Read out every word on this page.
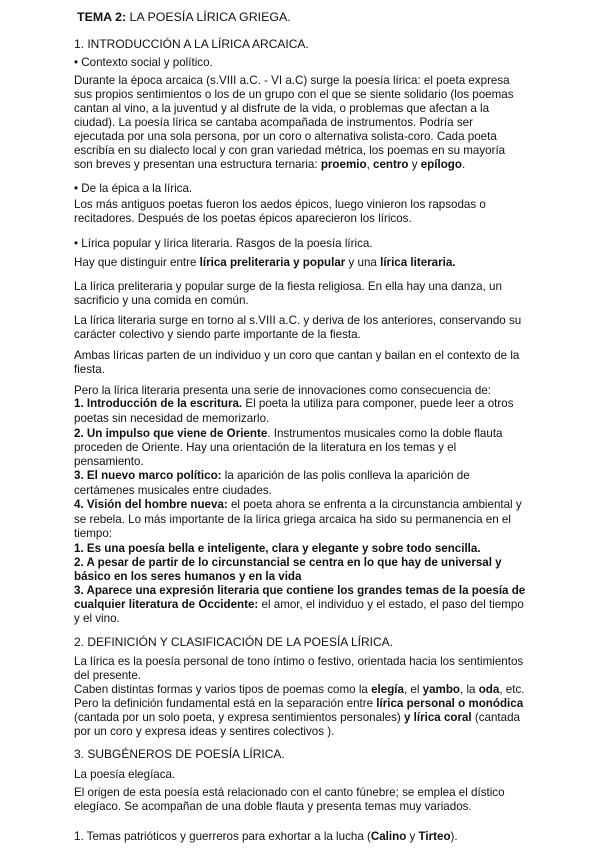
TEMA 2: LA POESÍA LÍRICA GRIEGA.
1. INTRODUCCIÓN A LA LÍRICA ARCAICA.
• Contexto social y político.
Durante la época arcaica (s.VIII a.C. - VI a.C) surge la poesía lírica: el poeta expresa
sus propios sentimientos o los de un grupo con el que se siente solidario (los poemas
cantan al vino, a la juventud y al disfrute de la vida, o problemas que afectan a la
ciudad). La poesía lírica se cantaba acompañada de instrumentos. Podría ser
ejecutada por una sola persona, por un coro o alternativa solista-coro. Cada poeta
escribía en su dialecto local y con gran variedad métrica, los poemas en su mayoría
son breves y presentan una estructura ternaria: proemio, centro y epílogo.
• De la épica a la lírica.
Los más antiguos poetas fueron los aedos épicos, luego vinieron los rapsodas o
recitadores. Después de los poetas épicos aparecieron los líricos.
• Lírica popular y lírica literaria. Rasgos de la poesía lírica.
Hay que distinguir entre lírica preliteraria y popular y una lírica literaria.
La lírica preliteraria y popular surge de la fiesta religiosa. En ella hay una danza, un
sacrificio y una comida en común.
La lírica literaria surge en torno al s.VIII a.C. y deriva de los anteriores, conservando su
carácter colectivo y siendo parte importante de la fiesta.
Ambas líricas parten de un individuo y un coro que cantan y bailan en el contexto de la
fiesta.
Pero la lírica literaria presenta una serie de innovaciones como consecuencia de:
1. Introducción de la escritura. El poeta la utiliza para componer, puede leer a otros
poetas sin necesidad de memorizarlo.
2. Un impulso que viene de Oriente. Instrumentos musicales como la doble flauta
proceden de Oriente. Hay una orientación de la literatura en los temas y el
pensamiento.
3. El nuevo marco político: la aparición de las polis conlleva la aparición de
certámenes musicales entre ciudades.
4. Visión del hombre nueva: el poeta ahora se enfrenta a la circunstancia ambiental y
se rebela. Lo más importante de la lírica griega arcaica ha sido su permanencia en el
tiempo:
1. Es una poesía bella e inteligente, clara y elegante y sobre todo sencilla.
2. A pesar de partir de lo circunstancial se centra en lo que hay de universal y
básico en los seres humanos y en la vida
3. Aparece una expresión literaria que contiene los grandes temas de la poesía de
cualquier literatura de Occidente: el amor, el individuo y el estado, el paso del tiempo
y el vino.
2. DEFINICIÓN Y CLASIFICACIÓN DE LA POESÍA LÍRICA.
La lírica es la poesía personal de tono íntimo o festivo, orientada hacia los sentimientos
del presente.
Caben distintas formas y varios tipos de poemas como la elegía, el yambo, la oda, etc.
Pero la definición fundamental está en la separación entre lírica personal o monódica
(cantada por un solo poeta, y expresa sentimientos personales) y lírica coral (cantada
por un coro y expresa ideas y sentires colectivos ).
3. SUBGÉNEROS DE POESÍA LÍRICA.
La poesía elegíaca.
El origen de esta poesía está relacionado con el canto fúnebre; se emplea el dístico
elegíaco. Se acompañan de una doble flauta y presenta temas muy variados.
1. Temas patrióticos y guerreros para exhortar a la lucha (Calino y Tirteo).
